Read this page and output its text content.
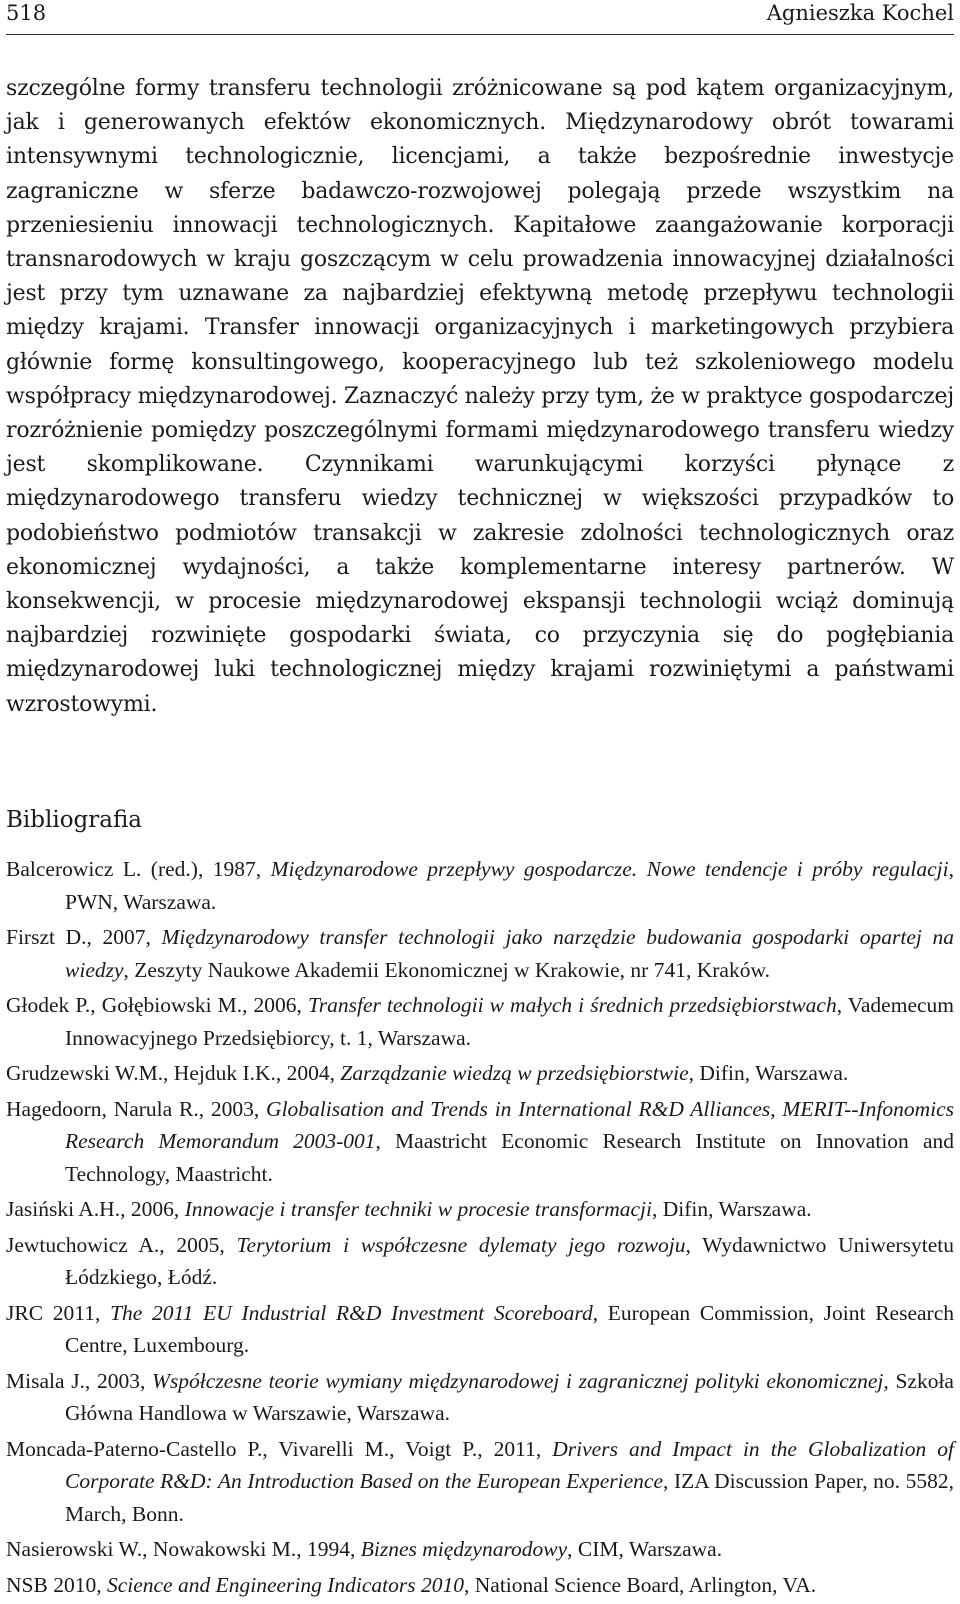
518	Agnieszka Kochel

szczególne formy transferu technologii zróżnicowane są pod kątem organizacyjnym, jak i generowanych efektów ekonomicznych. Międzynarodowy obrót towarami intensywnymi technologicznie, licencjami, a także bezpośrednie inwestycje zagraniczne w sferze badawczo-rozwojowej polegają przede wszystkim na przeniesieniu innowacji technologicznych. Kapitałowe zaangażowanie korporacji transnarodowych w kraju goszczącym w celu prowadzenia innowacyjnej działalności jest przy tym uznawane za najbardziej efektywną metodę przepływu technologii między krajami. Transfer innowacji organizacyjnych i marketingowych przybiera głównie formę konsultingowego, kooperacyjnego lub też szkoleniowego modelu współpracy międzynarodowej. Zaznaczyć należy przy tym, że w praktyce gospodarczej rozróżnienie pomiędzy poszczególnymi formami międzynarodowego transferu wiedzy jest skomplikowane. Czynnikami warunkującymi korzyści płynące z międzynarodowego transferu wiedzy technicznej w większości przypadków to podobieństwo podmiotów transakcji w zakresie zdolności technologicznych oraz ekonomicznej wydajności, a także komplementarne interesy partnerów. W konsekwencji, w procesie międzynarodowej ekspansji technologii wciąż dominują najbardziej rozwinięte gospodarki świata, co przyczynia się do pogłębiania międzynarodowej luki technologicznej między krajami rozwiniętymi a państwami wzrostowymi.

Bibliografia
Balcerowicz L. (red.), 1987, Międzynarodowe przepływy gospodarcze. Nowe tendencje i próby regulacji, PWN, Warszawa.
Firszt D., 2007, Międzynarodowy transfer technologii jako narzędzie budowania gospodarki opartej na wiedzy, Zeszyty Naukowe Akademii Ekonomicznej w Krakowie, nr 741, Kraków.
Głodek P., Gołębiowski M., 2006, Transfer technologii w małych i średnich przedsiębiorstwach, Vademecum Innowacyjnego Przedsiębiorcy, t. 1, Warszawa.
Grudzewski W.M., Hejduk I.K., 2004, Zarządzanie wiedzą w przedsiębiorstwie, Difin, Warszawa.
Hagedoorn, Narula R., 2003, Globalisation and Trends in International R&D Alliances, MERIT--Infonomics Research Memorandum 2003-001, Maastricht Economic Research Institute on Innovation and Technology, Maastricht.
Jasiński A.H., 2006, Innowacje i transfer techniki w procesie transformacji, Difin, Warszawa.
Jewtuchowicz A., 2005, Terytorium i współczesne dylematy jego rozwoju, Wydawnictwo Uniwersytetu Łódzkiego, Łódź.
JRC 2011, The 2011 EU Industrial R&D Investment Scoreboard, European Commission, Joint Research Centre, Luxembourg.
Misala J., 2003, Współczesne teorie wymiany międzynarodowej i zagranicznej polityki ekonomicznej, Szkoła Główna Handlowa w Warszawie, Warszawa.
Moncada-Paterno-Castello P., Vivarelli M., Voigt P., 2011, Drivers and Impact in the Globalization of Corporate R&D: An Introduction Based on the European Experience, IZA Discussion Paper, no. 5582, March, Bonn.
Nasierowski W., Nowakowski M., 1994, Biznes międzynarodowy, CIM, Warszawa.
NSB 2010, Science and Engineering Indicators 2010, National Science Board, Arlington, VA.
